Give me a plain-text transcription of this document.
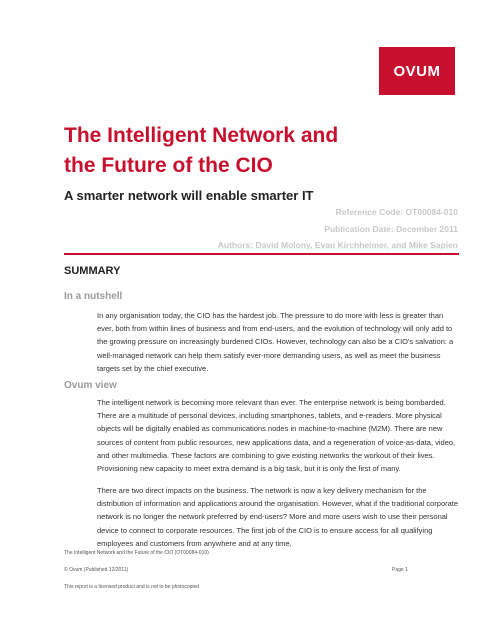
OVUM
The Intelligent Network and
the Future of the CIO
A smarter network will enable smarter IT
Reference Code: OT00084-010
Publication Date: December 2011
Authors: David Molony, Evan Kirchheimer, and Mike Sapien
SUMMARY
In a nutshell

In any organisation today, the CIO has the hardest job. The pressure to do more with less is greater than ever, both from within lines of business and from end-users, and the evolution of technology will only add to the growing pressure on increasingly burdened CIOs. However, technology can also be a CIO's salvation: a well-managed network can help them satisfy ever-more demanding users, as well as meet the business targets set by the chief executive.

Ovum view

The intelligent network is becoming more relevant than ever. The enterprise network is being bombarded. There are a multitude of personal devices, including smartphones, tablets, and e-readers. More physical objects will be digitally enabled as communications nodes in machine-to-machine (M2M). There are new sources of content from public resources, new applications data, and a regeneration of voice-as-data, video, and other multimedia. These factors are combining to give existing networks the workout of their lives. Provisioning new capacity to meet extra demand is a big task, but it is only the first of many.

There are two direct impacts on the business. The network is now a key delivery mechanism for the distribution of information and applications around the organisation. However, what if the traditional corporate network is no longer the network preferred by end-users? More and more users wish to use their personal device to connect to corporate resources. The first job of the CIO is to ensure access for all qualifying employees and customers from anywhere and at any time,

The Intelligent Network and the Future of the CIO (OT00084-010)
© Ovum (Published 12/2011)	Page 1
This report is a licensed product and is not to be photocopied
